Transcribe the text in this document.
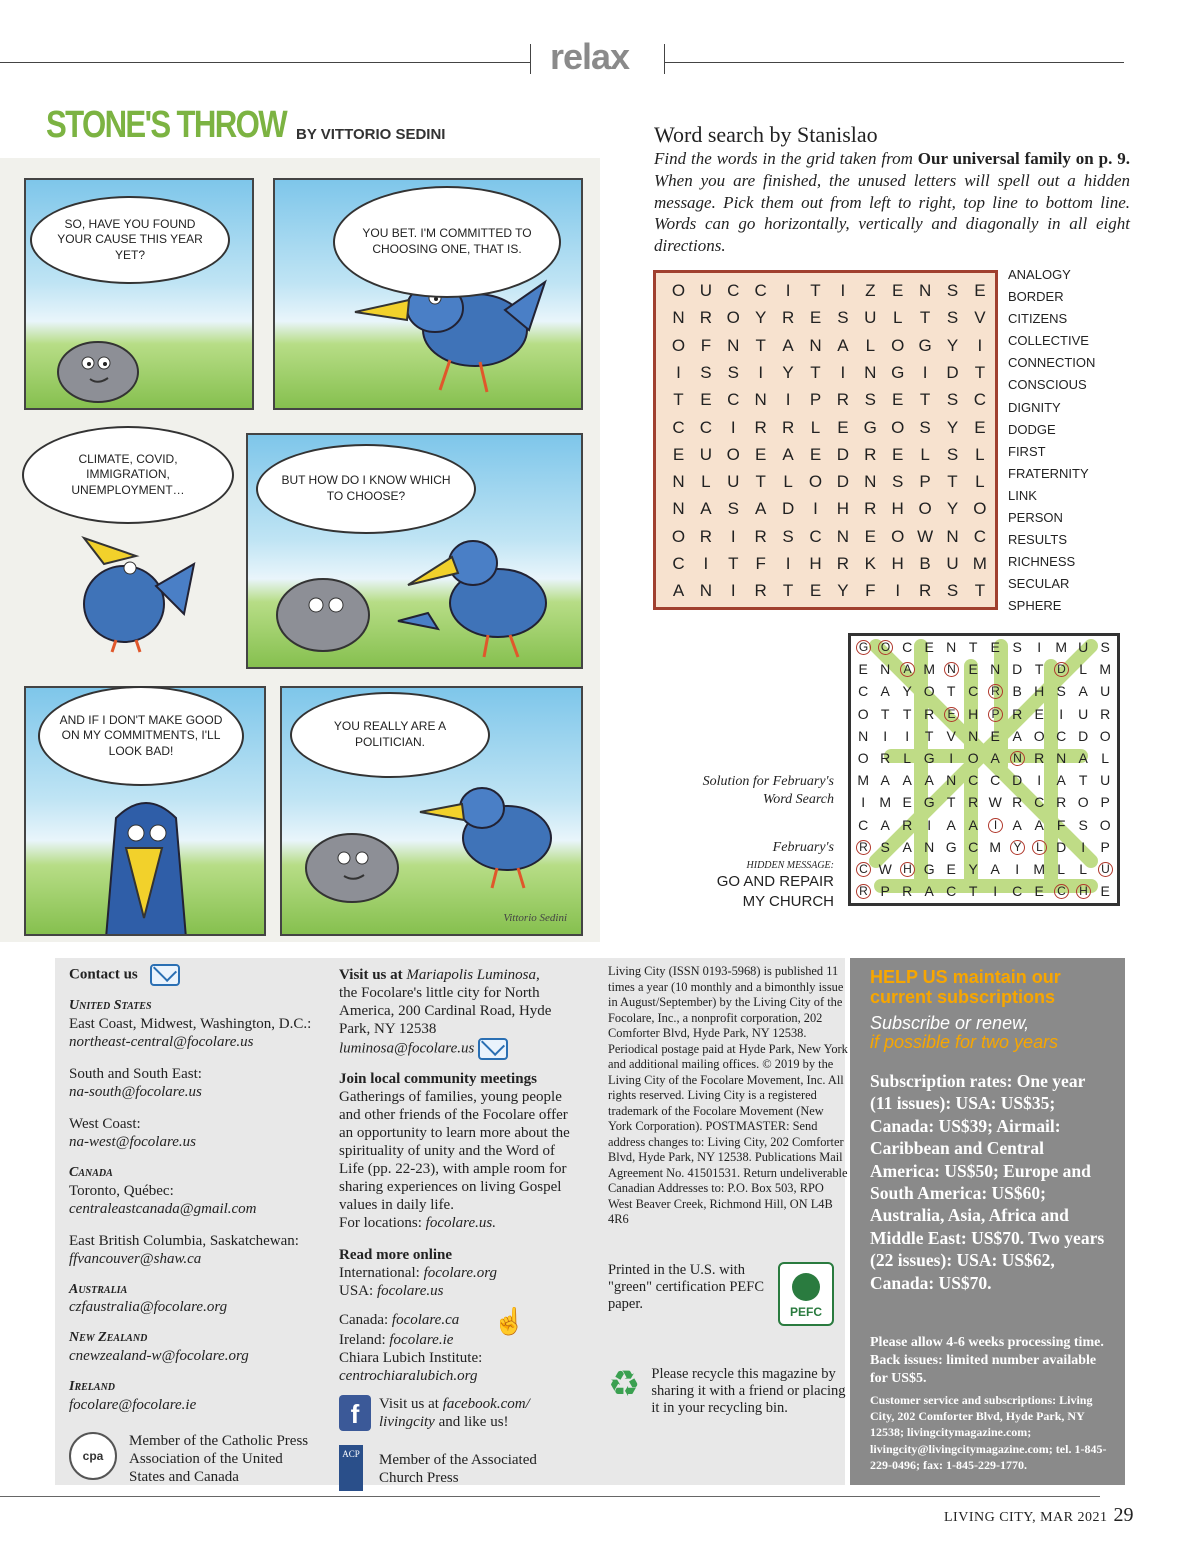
relax
STONE'S THROW BY VITTORIO SEDINI
SO, HAVE YOU FOUND YOUR CAUSE THIS YEAR YET?
YOU BET. I'M COMMITTED TO CHOOSING ONE, THAT IS.
CLIMATE, COVID, IMMIGRATION, UNEMPLOYMENT…
BUT HOW DO I KNOW WHICH TO CHOOSE?
AND IF I DON'T MAKE GOOD ON MY COMMITMENTS, I'LL LOOK BAD!
Vittorio Sedini
YOU REALLY ARE A POLITICIAN.
Word search by Stanislao
Find the words in the grid taken from Our universal family on p. 9. When you are finished, the unused letters will spell out a hidden message. Pick them out from left to right, top line to bottom line. Words can go horizontally, vertically and diagonally in all eight directions.
O U C C	I	T	I	Z E N S E
N R O Y R E S U L	T S V
O F N T A N A	L O G Y	I
I	S S	I	Y T	I	N G	I	D T
T E C N	I	P R S E T S C
C C	I	R R L E G O S Y E
E U O E A E D R E	L	S L
N L U T	L O D N S P T	L
N A S A D	I	H R H O Y O
O R	I	R S C N E O W N C
C	I	T	F	I	H R K H B U M
A N	I	R T E Y F	I	R S T
ANALOGY
BORDER
CITIZENS
COLLECTIVE
CONNECTION
CONSCIOUS
DIGNITY
DODGE
FIRST
FRATERNITY
LINK
PERSON
RESULTS
RICHNESS
SECULAR
SPHERE
Solution for February's Word Search
February's
HIDDEN MESSAGE:
GO AND REPAIR
MY CHURCH
G O C E N T E S	I	M U S
E N A M N E N D T	D L M
C A Y O T C R B H S A U
O T T R E H P R E	I	U R
N	I	I	T V N E A O C D O
O R L G	I	O A N R N A L
M A A A N C C D	I	A T U
I	M E G T R W R C R O P
C A R	I	A A	I	A A F S O
R S A N G C M Y	L D	I	P
C W H G E Y A	I	M L	L	U
R P R A C T	I	C E C H E
Contact us
United States
East Coast, Midwest, Washington, D.C.:
northeast-central@focolare.us
South and South East:
na-south@focolare.us
West Coast:
na-west@focolare.us
Canada
Toronto, Québec:
centraleastcanada@gmail.com
East British Columbia, Saskatchewan:
ffvancouver@shaw.ca
Australia
czfaustralia@focolare.org
New Zealand
cnewzealand-w@focolare.org
Ireland
focolare@focolare.ie
cpa
Member of the Catholic Press Association of the United States and Canada
Visit us at Mariapolis Luminosa,
the Focolare's little city for North America, 200 Cardinal Road, Hyde Park, NY 12538
luminosa@focolare.us
Join local community meetings
Gatherings of families, young people and other friends of the Focolare offer an opportunity to learn more about the spirituality of unity and the Word of Life (pp. 22-23), with ample room for sharing experiences on living Gospel values in daily life.
For locations: focolare.us.
Read more online
International: focolare.org
USA: focolare.us
Canada: focolare.ca ☝
Ireland: focolare.ie
Chiara Lubich Institute:
centrochiaralubich.org
f	Visit us at facebook.com/ livingcity and like us!
ACP Member of the Associated Church Press
Living City (ISSN 0193-5968) is published 11 times a year (10 monthly and a bimonthly issue in August/September) by the Living City of the Focolare, Inc., a nonprofit corporation, 202 Comforter Blvd, Hyde Park, NY 12538. Periodical postage paid at Hyde Park, New York and additional mailing offices. © 2019 by the Living City of the Focolare Movement, Inc. All rights reserved. Living City is a registered trademark of the Focolare Movement (New York Corporation). POSTMASTER: Send address changes to: Living City, 202 Comforter Blvd, Hyde Park, NY 12538. Publications Mail Agreement No. 41501531. Return undeliverable Canadian Addresses to: P.O. Box 503, RPO West Beaver Creek, Richmond Hill, ON L4B 4R6
Printed in the U.S. with "green" certification PEFC paper.	PEFC
♻ Please recycle this magazine by sharing it with a friend or placing it in your recycling bin.
HELP US maintain our current subscriptions
Subscribe or renew,
if possible for two years
Subscription rates: One year (11 issues): USA: US$35; Canada: US$39; Airmail: Caribbean and Central America: US$50; Europe and South America: US$60; Australia, Asia, Africa and Middle East: US$70. Two years (22 issues): USA: US$62, Canada: US$70.
Please allow 4-6 weeks processing time. Back issues: limited number available for US$5.
Customer service and subscriptions: Living City, 202 Comforter Blvd, Hyde Park, NY 12538; livingcitymagazine.com; livingcity@livingcitymagazine.com; tel. 1-845-229-0496; fax: 1-845-229-1770.
LIVING CITY, MAR 2021 29
